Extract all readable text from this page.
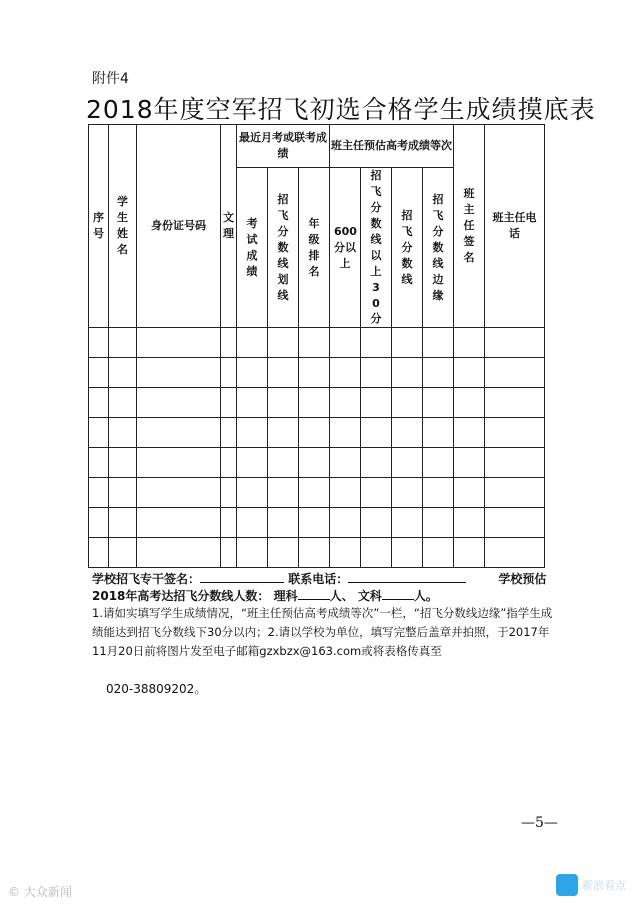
附件4
2018年度空军招飞初选合格学生成绩摸底表
序号	学生姓名	身份证号码	文理	最近月考或联考成绩			班主任预估高考成绩等次				班主任签名	班主任电话
				考试成绩	招飞分数线划线	年级排名	600分以上	招飞分数线以上30分	招飞分数线	招飞分数线边缘		

学校招飞专干签名：	联系电话：	学校预估
2018年高考达招飞分数线人数： 理科	人、 文科	人。
1.请如实填写学生成绩情况，“班主任预估高考成绩等次”一栏，“招飞分数线边缘”指学生成绩能达到招飞分数线下30分以内；2.请以学校为单位，填写完整后盖章并拍照，于2017年11月20日前将图片发至电子邮箱gzxbzx@163.com或将表格传真至
020-38809202。
—5—
© 大众新闻	新浪看点
